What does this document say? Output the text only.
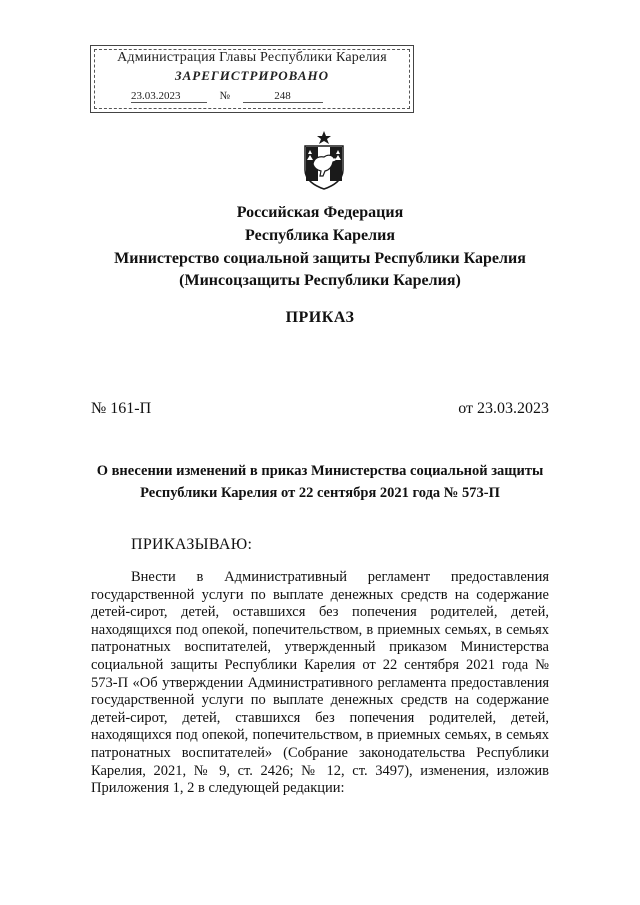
Администрация Главы Республики Карелия
ЗАРЕГИСТРИРОВАНО
23.03.2023	№	248
Российская Федерация
Республика Карелия
Министерство социальной защиты Республики Карелия
(Минсоцзащиты Республики Карелия)
ПРИКАЗ
№ 161-П	от 23.03.2023
О внесении изменений в приказ Министерства социальной защиты
Республики Карелия от 22 сентября 2021 года № 573-П
ПРИКАЗЫВАЮ:

Внести в Административный регламент предоставления государственной услуги по выплате денежных средств на содержание детей-сирот, детей, оставшихся без попечения родителей, детей, находящихся под опекой, попечительством, в приемных семьях, в семьях патронатных воспитателей, утвержденный приказом Министерства социальной защиты Республики Карелия от 22 сентября 2021 года № 573-П «Об утверждении Административного регламента предоставления государственной услуги по выплате денежных средств на содержание детей-сирот, детей, ставшихся без попечения родителей, детей, находящихся под опекой, попечительством, в приемных семьях, в семьях патронатных воспитателей» (Собрание законодательства Республики Карелия, 2021, № 9, ст. 2426; № 12, ст. 3497), изменения, изложив Приложения 1, 2 в следующей редакции:
